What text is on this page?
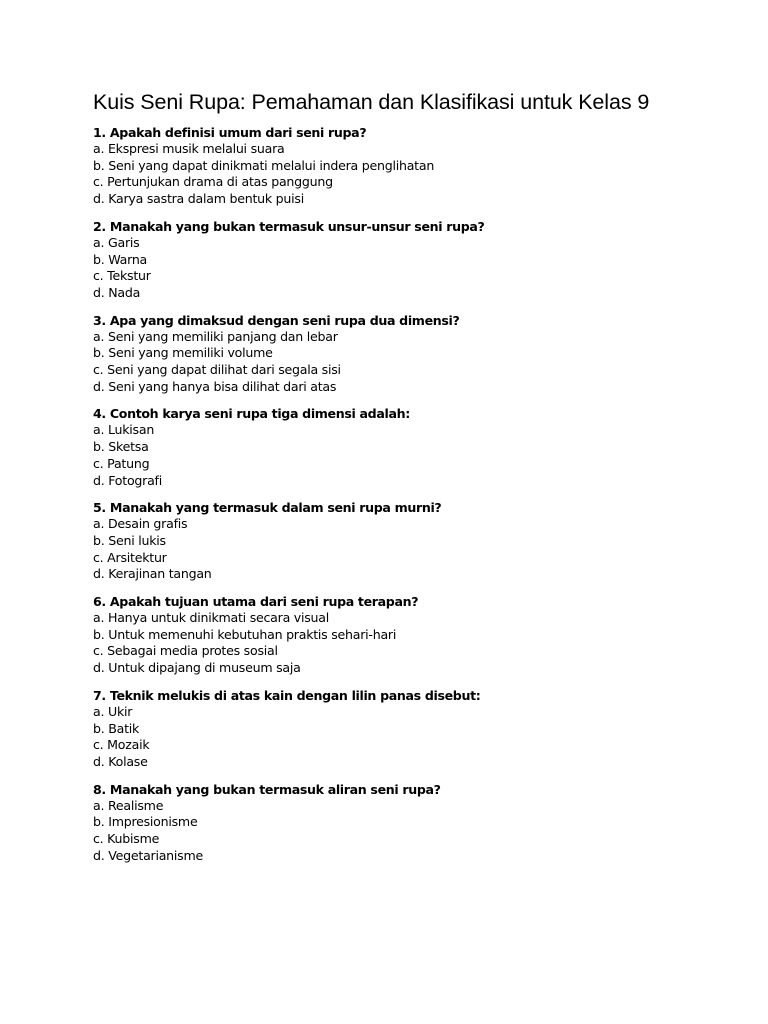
Kuis Seni Rupa: Pemahaman dan Klasifikasi untuk Kelas 9

1. Apakah definisi umum dari seni rupa?

a. Ekspresi musik melalui suara
b. Seni yang dapat dinikmati melalui indera penglihatan
c. Pertunjukan drama di atas panggung
d. Karya sastra dalam bentuk puisi

2. Manakah yang bukan termasuk unsur-unsur seni rupa?

a. Garis
b. Warna
c. Tekstur
d. Nada

3. Apa yang dimaksud dengan seni rupa dua dimensi?

a. Seni yang memiliki panjang dan lebar
b. Seni yang memiliki volume
c. Seni yang dapat dilihat dari segala sisi
d. Seni yang hanya bisa dilihat dari atas

4. Contoh karya seni rupa tiga dimensi adalah:

a. Lukisan
b. Sketsa
c. Patung
d. Fotografi

5. Manakah yang termasuk dalam seni rupa murni?

a. Desain grafis
b. Seni lukis
c. Arsitektur
d. Kerajinan tangan

6. Apakah tujuan utama dari seni rupa terapan?

a. Hanya untuk dinikmati secara visual
b. Untuk memenuhi kebutuhan praktis sehari-hari
c. Sebagai media protes sosial
d. Untuk dipajang di museum saja

7. Teknik melukis di atas kain dengan lilin panas disebut:

a. Ukir
b. Batik
c. Mozaik
d. Kolase

8. Manakah yang bukan termasuk aliran seni rupa?

a. Realisme
b. Impresionisme
c. Kubisme
d. Vegetarianisme
